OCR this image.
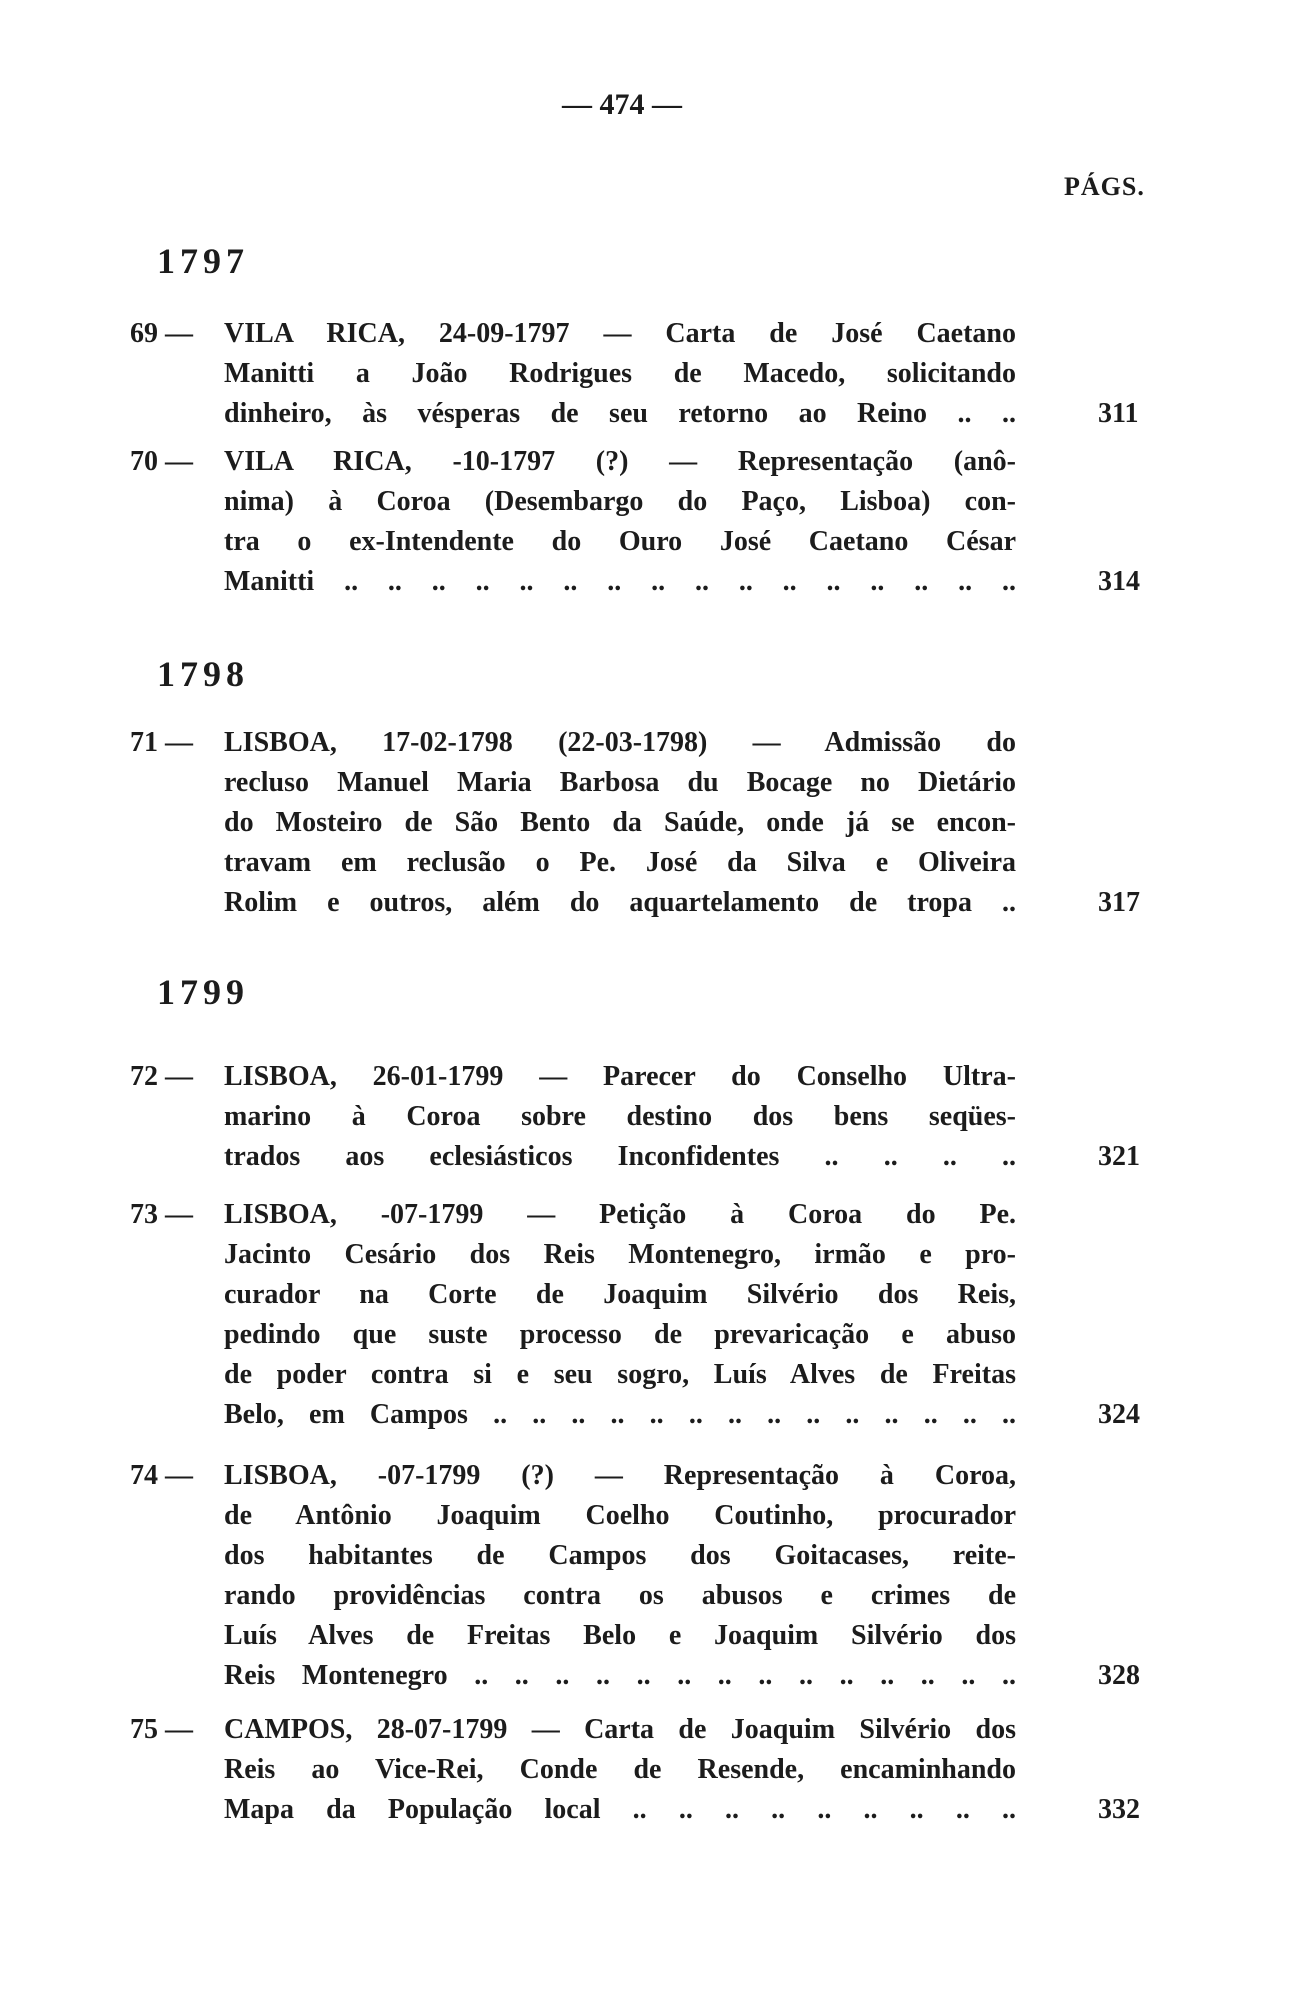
— 474 —
PÁGS.
1797
69 — VILA RICA, 24-09-1797 — Carta de José Caetano
Manitti a João Rodrigues de Macedo, solicitando
dinheiro, às vésperas de seu retorno ao Reino .. ..	311
70 — VILA RICA, -10-1797 (?) — Representação (anô-
nima) à Coroa (Desembargo do Paço, Lisboa) con-
tra o ex-Intendente do Ouro José Caetano César
Manitti .. .. .. .. .. .. .. .. .. .. .. .. .. .. .. ..	314
1798
71 — LISBOA, 17-02-1798 (22-03-1798) — Admissão do
recluso Manuel Maria Barbosa du Bocage no Dietário
do Mosteiro de São Bento da Saúde, onde já se encon-
travam em reclusão o Pe. José da Silva e Oliveira
Rolim e outros, além do aquartelamento de tropa ..	317
1799
72 — LISBOA, 26-01-1799 — Parecer do Conselho Ultra-
marino à Coroa sobre destino dos bens seqües-
trados aos eclesiásticos Inconfidentes .. .. .. ..	321
73 — LISBOA, -07-1799 — Petição à Coroa do Pe.
Jacinto Cesário dos Reis Montenegro, irmão e pro-
curador na Corte de Joaquim Silvério dos Reis,
pedindo que suste processo de prevaricação e abuso
de poder contra si e seu sogro, Luís Alves de Freitas
Belo, em Campos .. .. .. .. .. .. .. .. .. .. .. .. .. ..	324
74 — LISBOA, -07-1799 (?) — Representação à Coroa,
de Antônio Joaquim Coelho Coutinho, procurador
dos habitantes de Campos dos Goitacases, reite-
rando providências contra os abusos e crimes de
Luís Alves de Freitas Belo e Joaquim Silvério dos
Reis Montenegro .. .. .. .. .. .. .. .. .. .. .. .. .. ..	328
75 — CAMPOS, 28-07-1799 — Carta de Joaquim Silvério dos
Reis ao Vice-Rei, Conde de Resende, encaminhando
Mapa da População local .. .. .. .. .. .. .. .. ..	332
